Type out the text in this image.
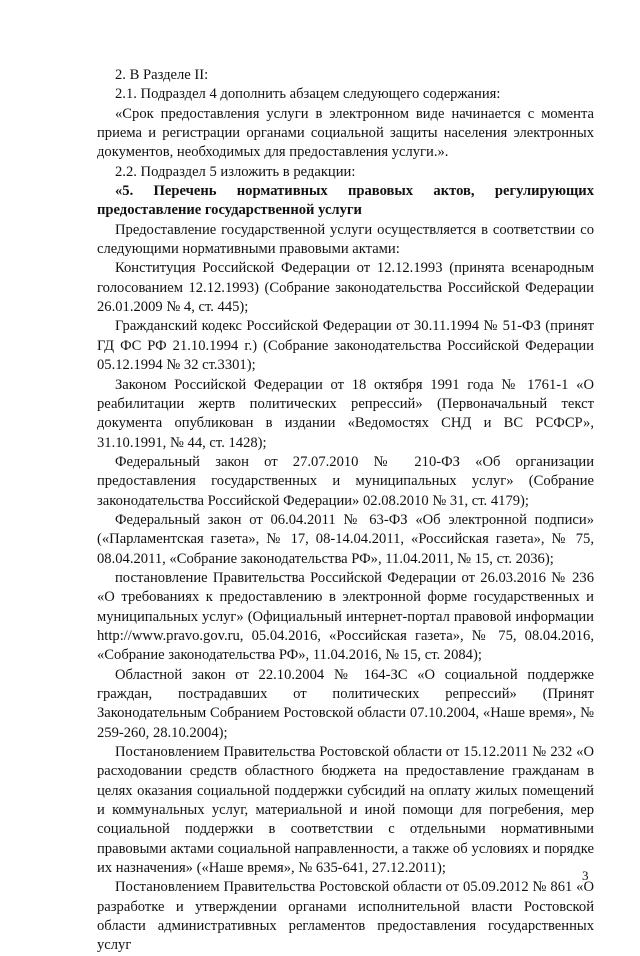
2. В Разделе II:

2.1. Подраздел 4 дополнить абзацем следующего содержания:

«Срок предоставления услуги в электронном виде начинается с момента приема и регистрации органами социальной защиты населения электронных документов, необходимых для предоставления услуги.».

2.2. Подраздел 5 изложить в редакции:

«5. Перечень нормативных правовых актов, регулирующих предоставление государственной услуги

Предоставление государственной услуги осуществляется в соответствии со следующими нормативными правовыми актами:

Конституция Российской Федерации от 12.12.1993 (принята всенародным голосованием 12.12.1993) (Собрание законодательства Российской Федерации 26.01.2009 № 4, ст. 445);

Гражданский кодекс Российской Федерации от 30.11.1994 № 51-ФЗ (принят ГД ФС РФ 21.10.1994 г.) (Собрание законодательства Российской Федерации 05.12.1994 № 32 ст.3301);

Законом Российской Федерации от 18 октября 1991 года № 1761-1 «О реабилитации жертв политических репрессий» (Первоначальный текст документа опубликован в издании «Ведомостях СНД и ВС РСФСР», 31.10.1991, № 44, ст. 1428);

Федеральный закон от 27.07.2010 № 210-ФЗ «Об организации предоставления государственных и муниципальных услуг» (Собрание законодательства Российской Федерации» 02.08.2010 № 31, ст. 4179);

Федеральный закон от 06.04.2011 № 63-ФЗ «Об электронной подписи» («Парламентская газета», № 17, 08-14.04.2011, «Российская газета», № 75, 08.04.2011, «Собрание законодательства РФ», 11.04.2011, № 15, ст. 2036);

постановление Правительства Российской Федерации от 26.03.2016 № 236 «О требованиях к предоставлению в электронной форме государственных и муниципальных услуг» (Официальный интернет-портал правовой информации http://www.pravo.gov.ru, 05.04.2016, «Российская газета», № 75, 08.04.2016, «Собрание законодательства РФ», 11.04.2016, № 15, ст. 2084);

Областной закон от 22.10.2004 № 164-ЗС «О социальной поддержке граждан, пострадавших от политических репрессий» (Принят Законодательным Собранием Ростовской области 07.10.2004, «Наше время», № 259-260, 28.10.2004);

Постановлением Правительства Ростовской области от 15.12.2011 № 232 «О расходовании средств областного бюджета на предоставление гражданам в целях оказания социальной поддержки субсидий на оплату жилых помещений и коммунальных услуг, материальной и иной помощи для погребения, мер социальной поддержки в соответствии с отдельными нормативными правовыми актами социальной направленности, а также об условиях и порядке их назначения» («Наше время», № 635-641, 27.12.2011);

Постановлением Правительства Ростовской области от 05.09.2012 № 861 «О разработке и утверждении органами исполнительной власти Ростовской области административных регламентов предоставления государственных услуг

3
